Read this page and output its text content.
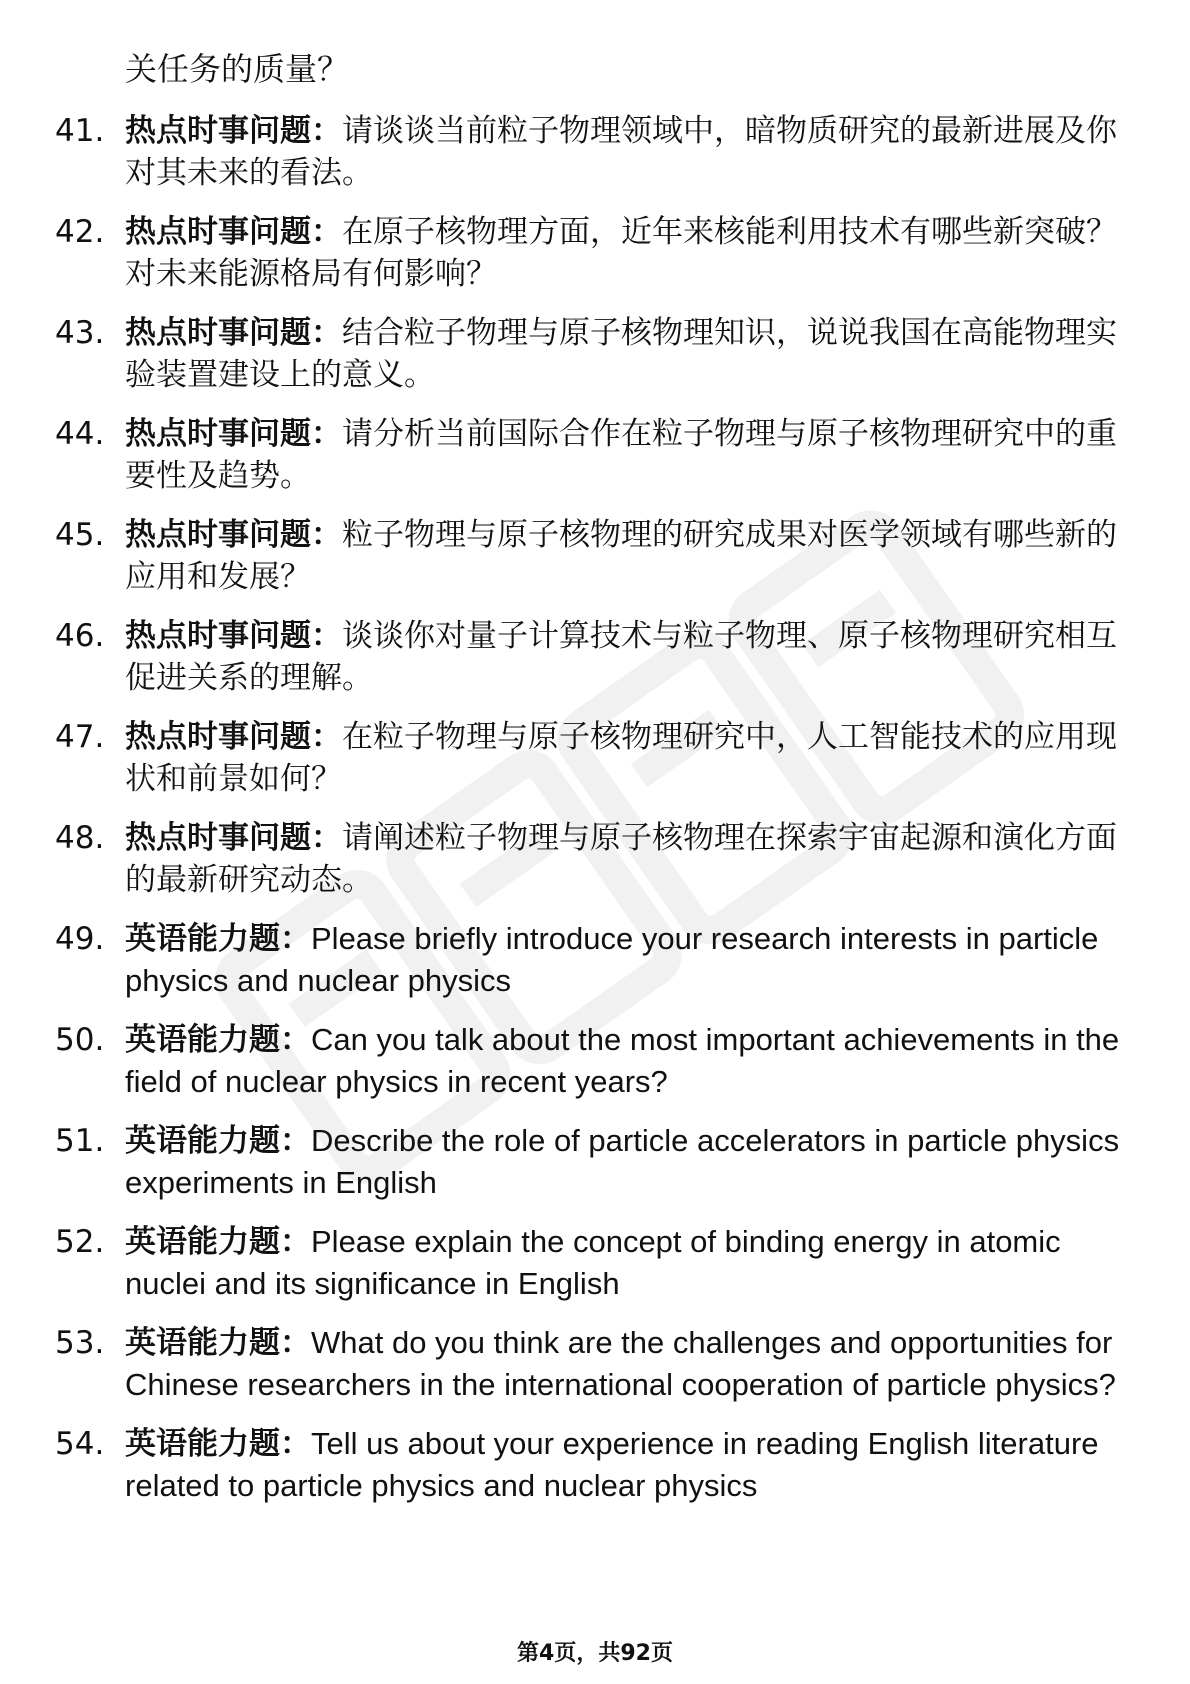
关任务的质量？
41. 热点时事问题：请谈谈当前粒子物理领域中，暗物质研究的最新进展及你对其未来的看法。
42. 热点时事问题：在原子核物理方面，近年来核能利用技术有哪些新突破？对未来能源格局有何影响？
43. 热点时事问题：结合粒子物理与原子核物理知识，说说我国在高能物理实验装置建设上的意义。
44. 热点时事问题：请分析当前国际合作在粒子物理与原子核物理研究中的重要性及趋势。
45. 热点时事问题：粒子物理与原子核物理的研究成果对医学领域有哪些新的应用和发展？
46. 热点时事问题：谈谈你对量子计算技术与粒子物理、原子核物理研究相互促进关系的理解。
47. 热点时事问题：在粒子物理与原子核物理研究中，人工智能技术的应用现状和前景如何？
48. 热点时事问题：请阐述粒子物理与原子核物理在探索宇宙起源和演化方面的最新研究动态。
49. 英语能力题：Please briefly introduce your research interests in particle physics and nuclear physics
50. 英语能力题：Can you talk about the most important achievements in the field of nuclear physics in recent years?
51. 英语能力题：Describe the role of particle accelerators in particle physics experiments in English
52. 英语能力题：Please explain the concept of binding energy in atomic nuclei and its significance in English
53. 英语能力题：What do you think are the challenges and opportunities for Chinese researchers in the international cooperation of particle physics?
54. 英语能力题：Tell us about your experience in reading English literature related to particle physics and nuclear physics
第4页，共92页
